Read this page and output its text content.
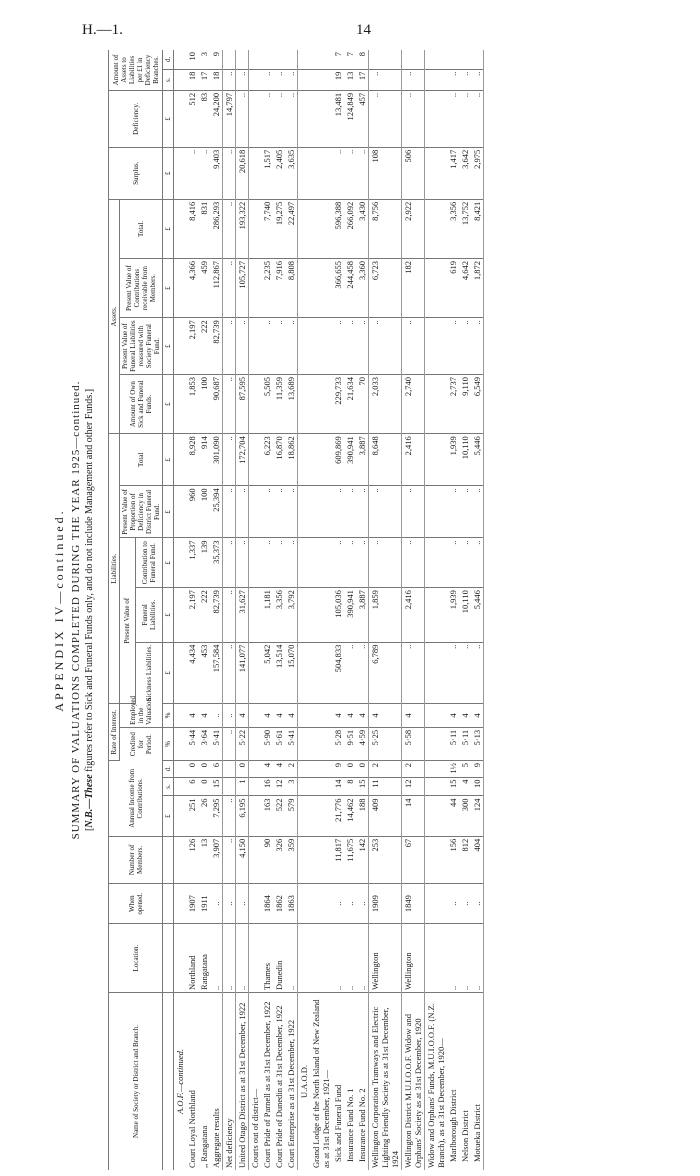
H.—1.	14
APPENDIX IV—continued. SUMMARY OF VALUATIONS COMPLETED DURING THE YEAR 1925—continued. [N.B.—These figures refer to Sick and Funeral Funds only, and do not include Management and other Funds.]
Name of Society or District and Branch.	Location.	When opened.	Number of Members.	Annual Income from Contributions.			Rate of Interest.		Liabilities.					Assets.				Surplus.	Deficiency.	Amount of Assets to Liabilities per £1 in Deficiency Branches.	
							Credited for Period.	Employed in the Valuation.	Present Value of			Present Value of Proportion of Deficiency in District Funeral Fund.	Total	Amount of Own Sick and Funeral Funds.	Present Value of Funeral Liabilities reassured with Society Funeral Fund.	Present Value of Contributions receivable from Members.	Total.				
									Sickness Liabilities.	Funeral Liabilities.	Contribution to Funeral Fund.										
				£	s.	d.	%	%	£	£	£	£	£	£	£	£	£	£	£	s.	d.
A.O.F.—continued.																					
Court Loyal Northland	Northland	1907	126	251	6	0	5·44	4	4,434	2,197	1,337	960	8,928	1,853	2,197	4,366	8,416	..	512	18	10
,, Rangatana	Rangatana	1911	13	26	0	0	3·64	4	453	222	139	100	914	100	222	459	831	..	83	17	3
Aggregate results	..	..	3,907	7,295	15	6	5·41	..	157,584	82,739	35,373	25,394	301,090	90,687	82,739	112,867	286,293	9,403	24,200	18	9
Net deficiency	..	..	..	..			..	..	..	..	..	..	..	..	..	..	..	..	14,797	..	
United Otago District as at 31st December, 1922	..	..	4,150	6,195	1	0	5·22	4	141,077	31,627	..	..	172,704	87,595	..	105,727	193,322	20,618	..	..	
Courts out of district—																					
Court Pride of Parnell as at 31st December, 1922	Thames	1864	90	163	16	4	5·90	4	5,042	1,181	..	..	6,223	5,505	..	2,235	7,740	1,517	..	..	
Court Pride of Dunedin at 31st December, 1922	Dunedin	1862	326	522	12	4	5·61	4	13,514	3,356	..	..	16,870	11,359	..	7,916	19,275	2,405	..	..	
Court Enterprise as at 31st December, 1922	..	1863	359	579	3	2	5·41	4	15,070	3,792	..	..	18,862	13,689	..	8,808	22,497	3,635	..	..	
U.A.O.D.																					
Grand Lodge of the North Island of New Zealand as at 31st December, 1921—																					
Sick and Funeral Fund	..	..	11,817	21,776	14	9	5·28	4	504,833	105,036	..	..	609,869	229,733	..	366,655	596,388	..	13,481	19	7
Insurance Fund No. 1	..	..	11,675	14,462	8	0	9·51	4	..	390,941	..	..	390,941	21,634	..	244,458	266,092	..	124,849	13	7
Insurance Fund No. 2	..	..	142	188	15	0	4·59	4	..	3,887	..	..	3,887	70	..	3,360	3,430	..	457	17	8
Wellington Corporation Tramways and Electric Lighting Friendly Society as at 31st December, 1924	Wellington	1909	253	409	11	2	5·25	4	6,789	1,859	..	..	8,648	2,033	..	6,723	8,756	108	..	..	
Wellington District M.U.I.O.O.F. Widow and Orphans' Society as at 31st December, 1920	Wellington	1849	67	14	12	2	5·58	4	..	2,416	..	..	2,416	2,740	..	182	2,922	506	..	..	
Widow and Orphans' Funds, M.U.I.O.O.F. (N.Z. Branch), as at 31st December, 1920—																					
Marlborough District	..	..	156	44	15	1½	5·11	4	..	1,939	..	..	1,939	2,737	..	619	3,356	1,417	..	..	
Nelson District	..	..	812	300	4	5	5·11	4	..	10,110	..	..	10,110	9,110	..	4,642	13,752	3,642	..	..	
Motueka District	..	..	404	124	10	9	5·13	4	..	5,446	..	..	5,446	6,549	..	1,872	8,421	2,975	..	..	
